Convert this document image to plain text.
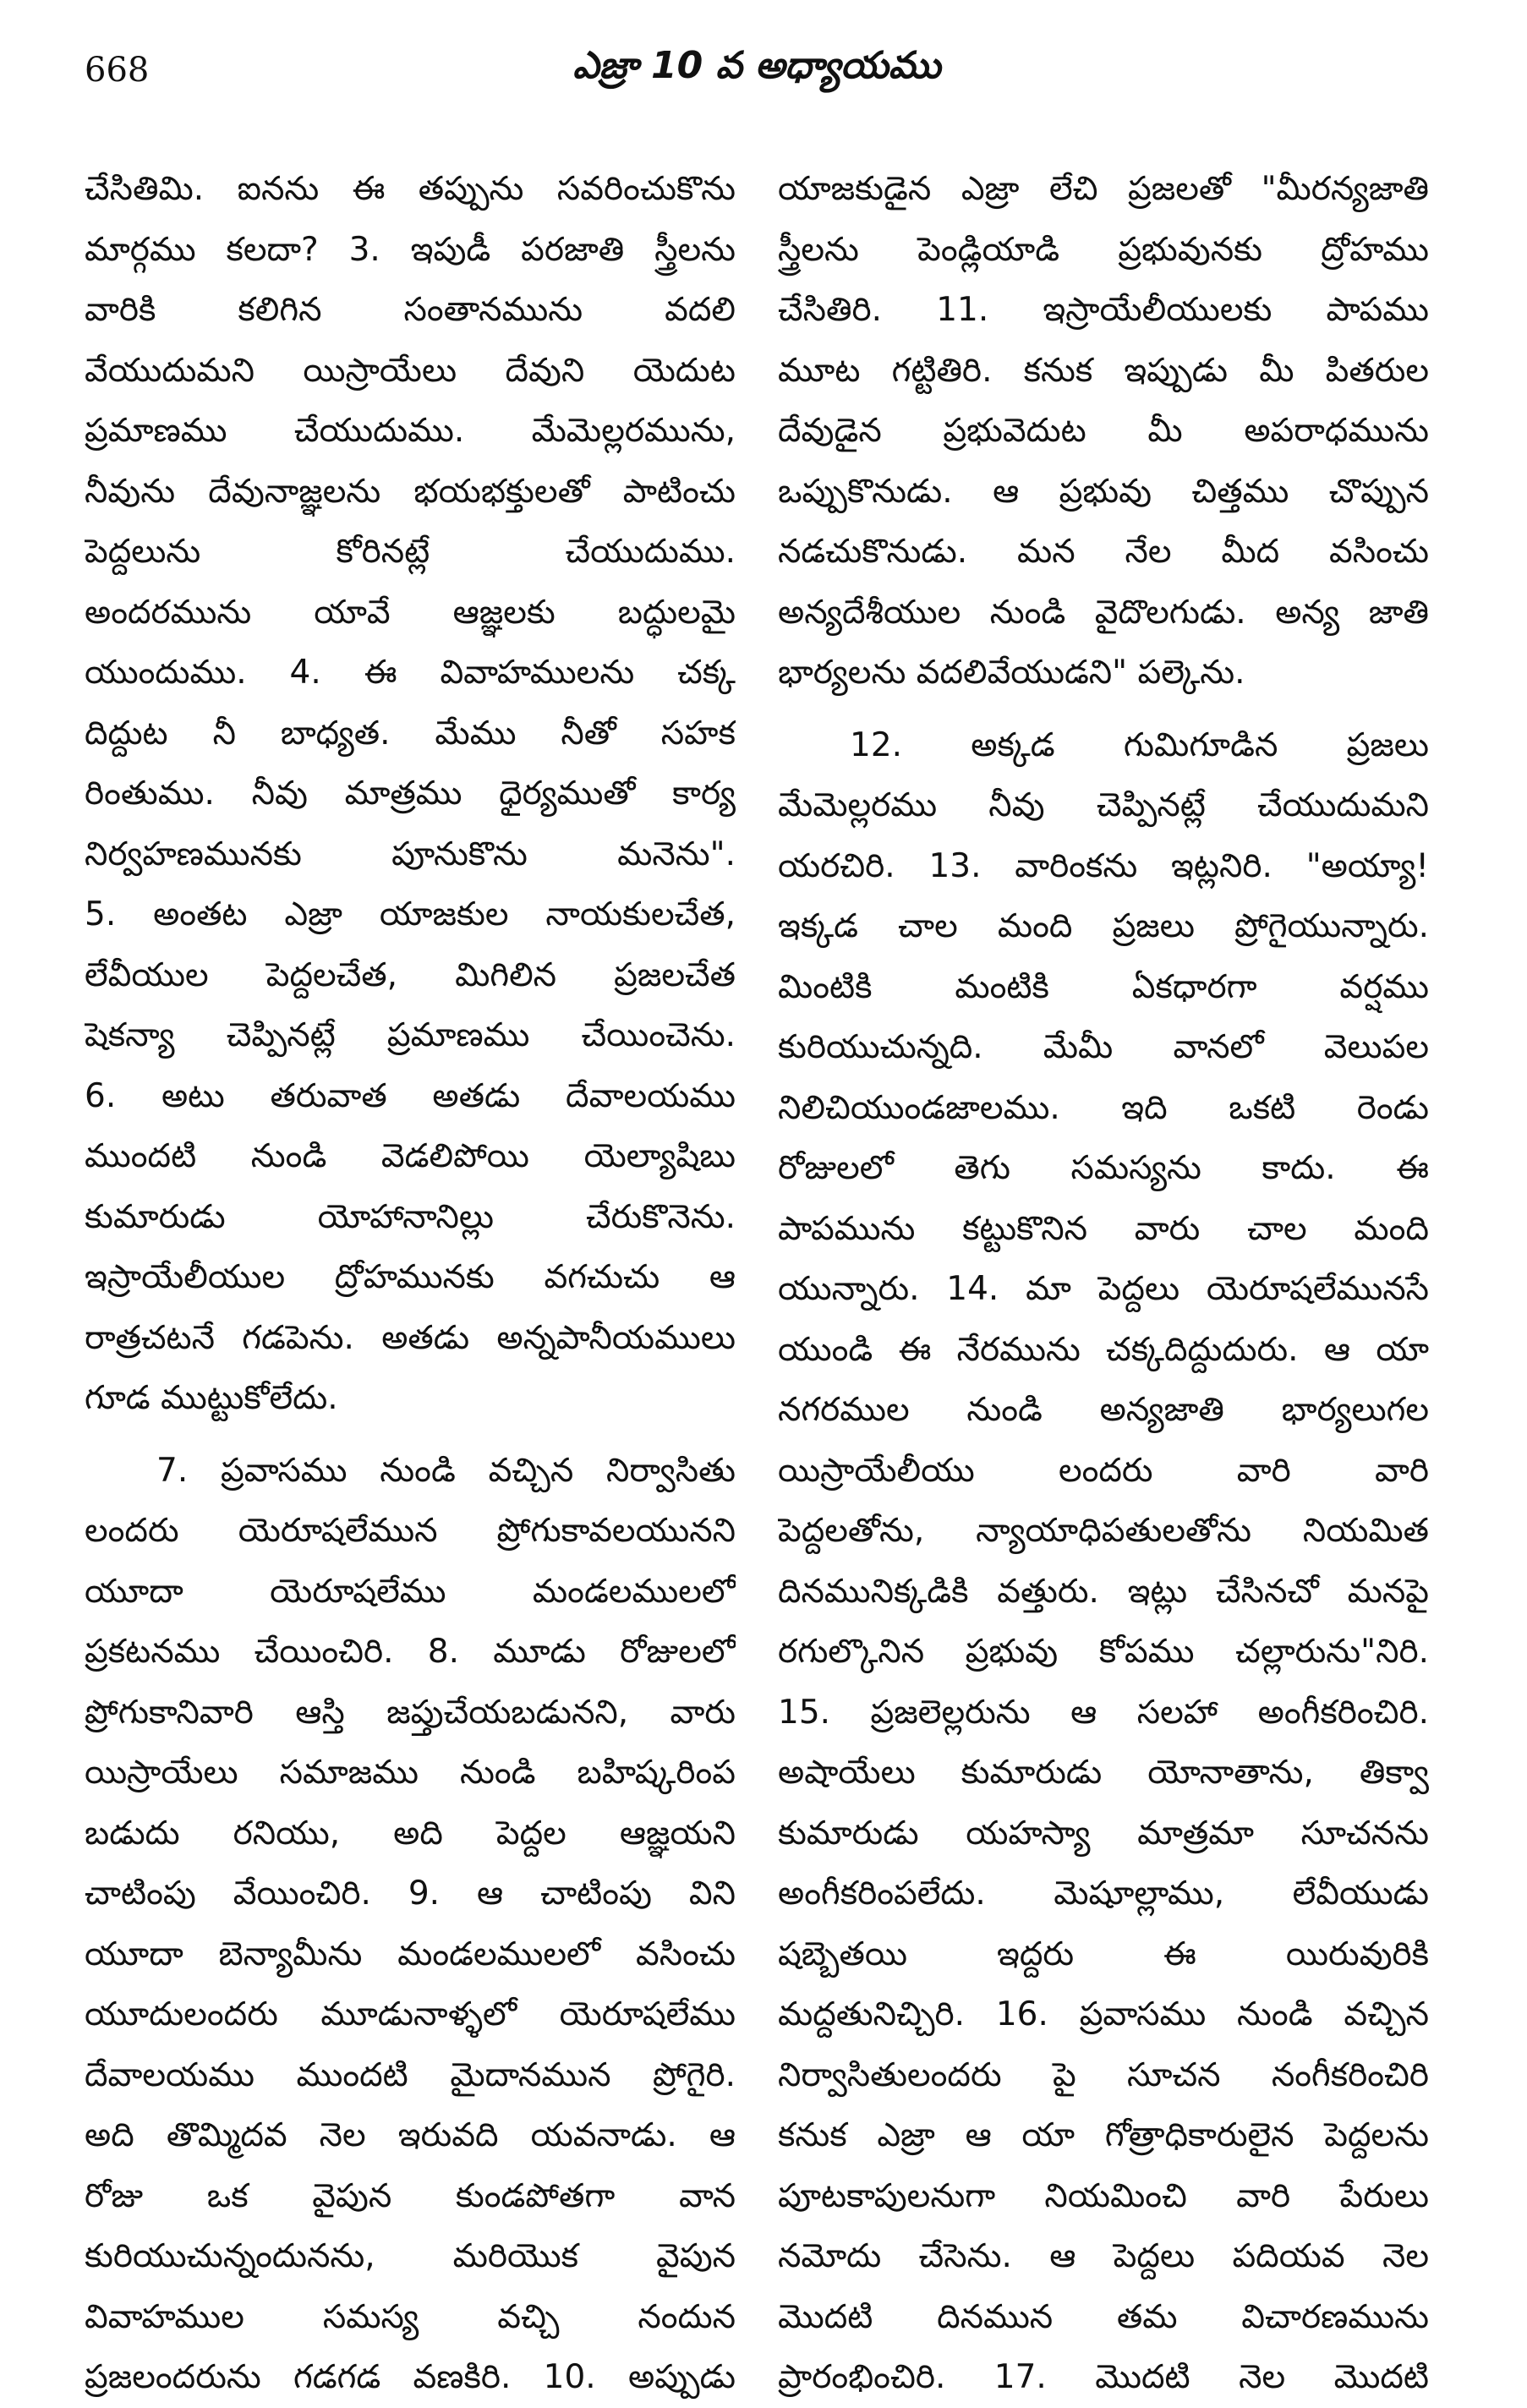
668	ఎజ్రా 10 వ అధ్యాయము
చేసితిమి. ఐనను ఈ తప్పును సవరించుకొను
మార్గము కలదా? 3. ఇపుడీ పరజాతి స్త్రీలను
వారికి కలిగిన సంతానమును వదలి
వేయుదుమని యిస్రాయేలు దేవుని యెదుట
ప్రమాణము చేయుదుము. మేమెల్లరమును,
నీవును దేవునాజ్ఞలను భయభక్తులతో పాటించు
పెద్దలును కోరినట్లే చేయుదుము.
అందరమును యావే ఆజ్ఞలకు బద్ధులమై
యుందుము. 4. ఈ వివాహములను చక్క
దిద్దుట నీ బాధ్యత. మేము నీతో సహక
రింతుము. నీవు మాత్రము ధైర్యముతో కార్య
నిర్వహణమునకు పూనుకొను మనెను".
5. అంతట ఎజ్రా యాజకుల నాయకులచేత,
లేవీయుల పెద్దలచేత, మిగిలిన ప్రజలచేత
షెకన్యా చెప్పినట్లే ప్రమాణము చేయించెను.
6. అటు తరువాత అతడు దేవాలయము
ముందటి నుండి వెడలిపోయి యెల్యాషిబు
కుమారుడు యోహానానిల్లు చేరుకొనెను.
ఇస్రాయేలీయుల ద్రోహమునకు వగచుచు ఆ
రాత్రచటనే గడపెను. అతడు అన్నపానీయములు
గూడ ముట్టుకోలేదు.
7. ప్రవాసము నుండి వచ్చిన నిర్వాసితు
లందరు యెరూషలేమున ప్రోగుకావలయునని
యూదా యెరూషలేము మండలములలో
ప్రకటనము చేయించిరి. 8. మూడు రోజులలో
ప్రోగుకానివారి ఆస్తి జప్తుచేయబడునని, వారు
యిస్రాయేలు సమాజము నుండి బహిష్కరింప
బడుదు రనియు, అది పెద్దల ఆజ్ఞయని
చాటింపు వేయించిరి. 9. ఆ చాటింపు విని
యూదా బెన్యామీను మండలములలో వసించు
యూదులందరు మూడునాళ్ళలో యెరూషలేము
దేవాలయము ముందటి మైదానమున ప్రోగైరి.
అది తొమ్మిదవ నెల ఇరువది యవనాడు. ఆ
రోజు ఒక వైపున కుండపోతగా వాన
కురియుచున్నందునను, మరియొక వైపున
వివాహముల సమస్య వచ్చి నందున
ప్రజలందరును గడగడ వణకిరి. 10. అప్పుడు
యాజకుడైన ఎజ్రా లేచి ప్రజలతో "మీరన్యజాతి
స్త్రీలను పెండ్లియాడి ప్రభువునకు ద్రోహము
చేసితిరి. 11. ఇస్రాయేలీయులకు పాపము
మూట గట్టితిరి. కనుక ఇప్పుడు మీ పితరుల
దేవుడైన ప్రభువెదుట మీ అపరాధమును
ఒప్పుకొనుడు. ఆ ప్రభువు చిత్తము చొప్పున
నడచుకొనుడు. మన నేల మీద వసించు
అన్యదేశీయుల నుండి వైదొలగుడు. అన్య జాతి
భార్యలను వదలివేయుడని" పల్కెను.
12. అక్కడ గుమిగూడిన ప్రజలు
మేమెల్లరము నీవు చెప్పినట్లే చేయుదుమని
యరచిరి. 13. వారింకను ఇట్లనిరి. "అయ్యా!
ఇక్కడ చాల మంది ప్రజలు ప్రోగైయున్నారు.
మింటికి మంటికి ఏకధారగా వర్షము
కురియుచున్నది. మేమీ వానలో వెలుపల
నిలిచియుండజాలము. ఇది ఒకటి రెండు
రోజులలో తెగు సమస్యను కాదు. ఈ
పాపమును కట్టుకొనిన వారు చాల మంది
యున్నారు. 14. మా పెద్దలు యెరూషలేమునసే
యుండి ఈ నేరమును చక్కదిద్దుదురు. ఆ యా
నగరముల నుండి అన్యజాతి భార్యలుగల
యిస్రాయేలీయు లందరు వారి వారి
పెద్దలతోను, న్యాయాధిపతులతోను నియమిత
దినమునిక్కడికి వత్తురు. ఇట్లు చేసినచో మనపై
రగుల్కొనిన ప్రభువు కోపము చల్లారును"నిరి.
15. ప్రజలెల్లరును ఆ సలహా అంగీకరించిరి.
అషాయేలు కుమారుడు యోనాతాను, తిక్వా
కుమారుడు యహస్యా మాత్రమా సూచనను
అంగీకరింపలేదు. మెషూల్లాము, లేవీయుడు
షబ్బెతయి ఇద్దరు ఈ యిరువురికి
మద్దతునిచ్చిరి. 16. ప్రవాసము నుండి వచ్చిన
నిర్వాసితులందరు పై సూచన నంగీకరించిరి
కనుక ఎజ్రా ఆ యా గోత్రాధికారులైన పెద్దలను
పూటకాపులనుగా నియమించి వారి పేరులు
నమోదు చేసెను. ఆ పెద్దలు పదియవ నెల
మొదటి దినమున తమ విచారణమును
ప్రారంభించిరి. 17. మొదటి నెల మొదటి
